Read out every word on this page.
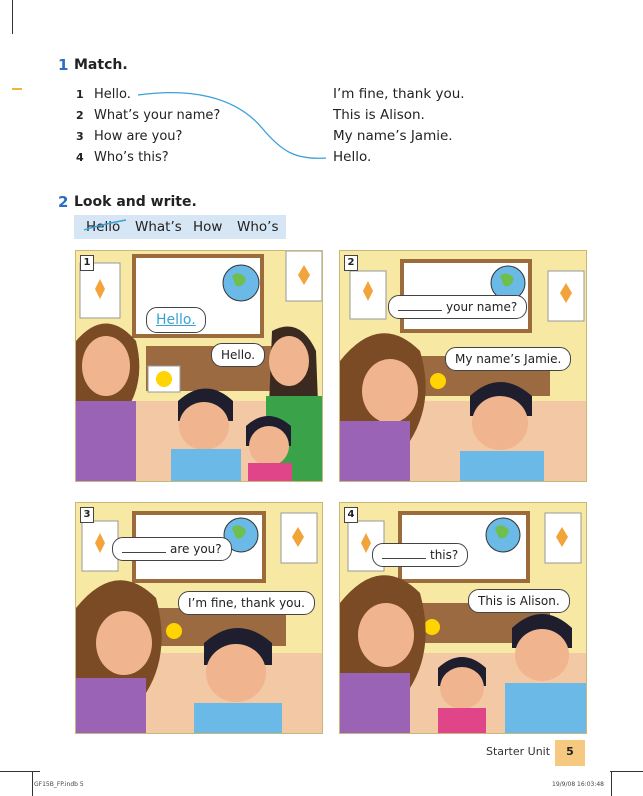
1 Match.
1 Hello.
2 What’s your name?
3 How are you?
4 Who’s this?
I’m fine, thank you.
This is Alison.
My name’s Jamie.
Hello.
2 Look and write.
Hello What’s How Who’s
1
Hello.
Hello.
2
your name?
My name’s Jamie.
3
are you?
I’m fine, thank you.
4
this?
This is Alison.
Starter Unit	5
GF15B_FP.indb 5	19/9/08 16:03:48
